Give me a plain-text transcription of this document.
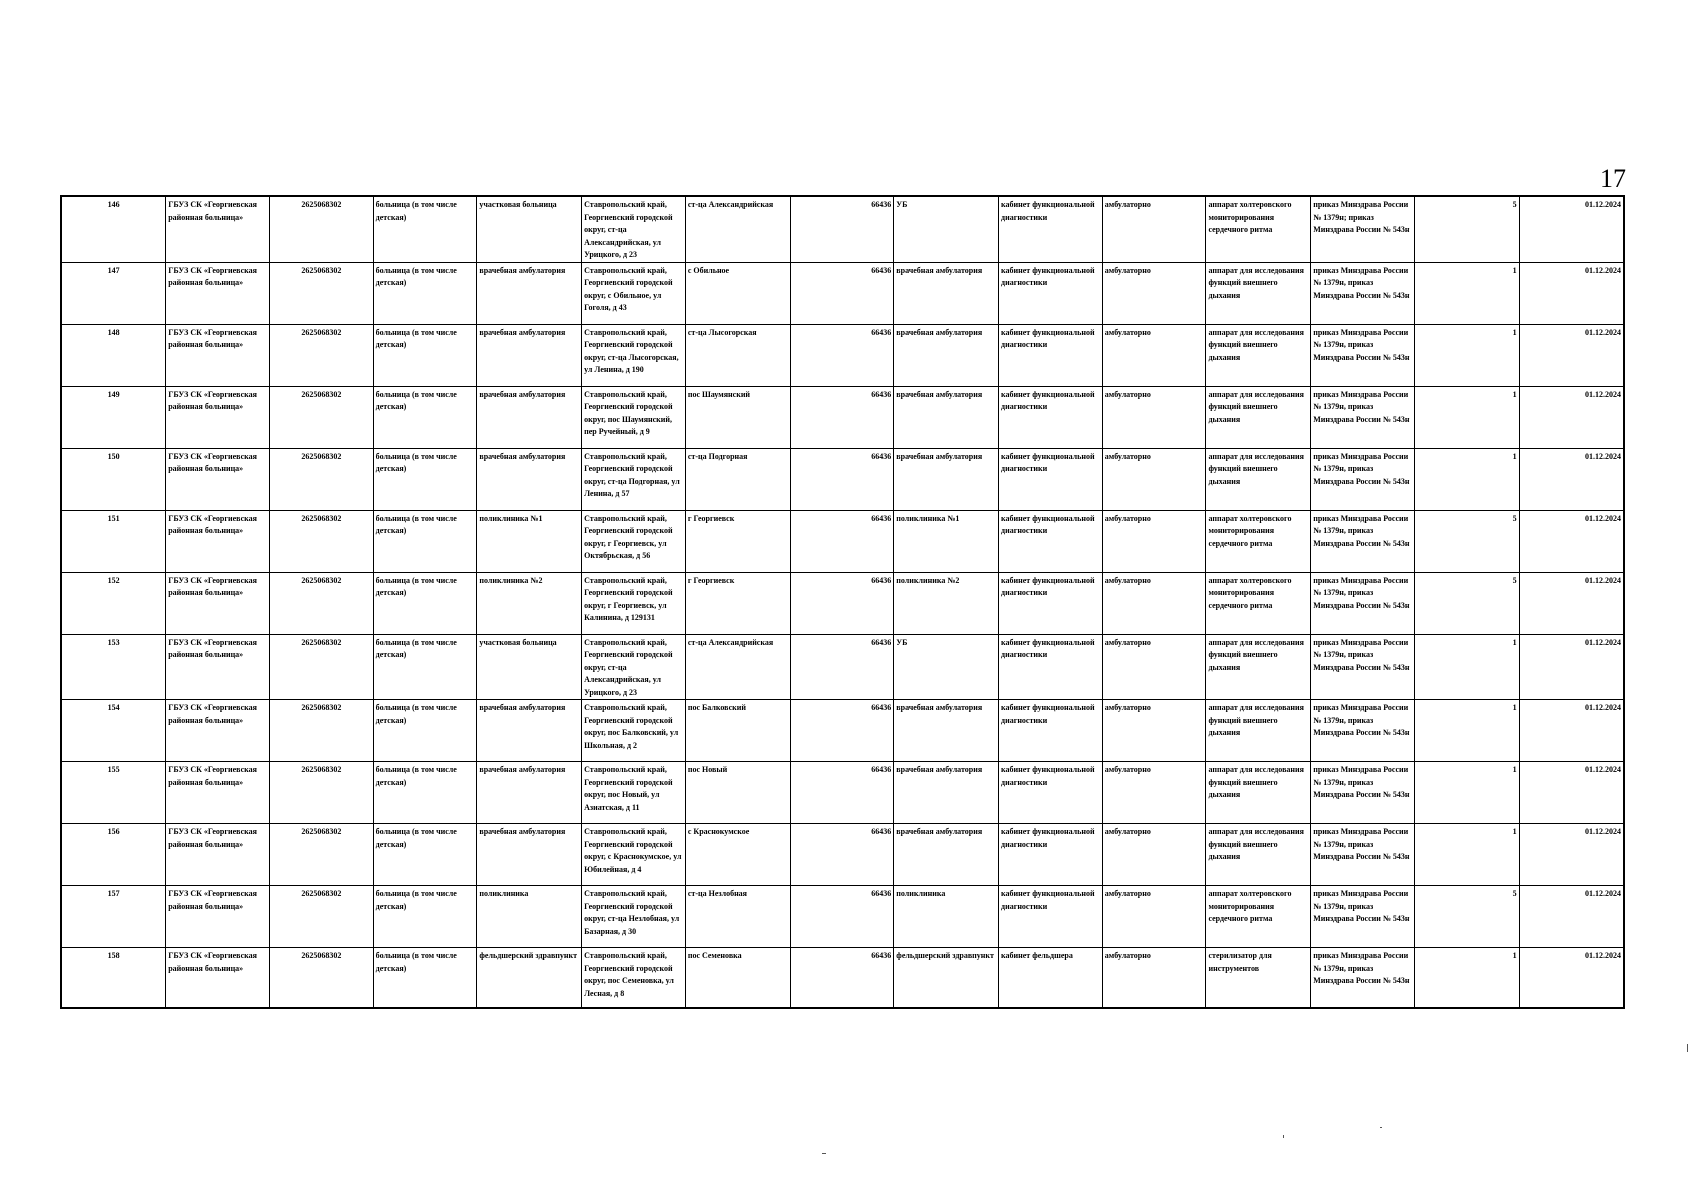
17
146	ГБУЗ СК «Георгиевская районная больница»	2625068302	больница (в том числе детская)	участковая больница	Ставропольский край, Георгиевский городской округ, ст-ца Александрийская, ул Урицкого, д 23	ст-ца Александрийская	66436	УБ	кабинет функциональной диагностики	амбулаторно	аппарат холтеровского мониторирования сердечного ритма	приказ Минздрава России № 1379н; приказ Минздрава России № 543н	5	01.12.2024
147	ГБУЗ СК «Георгиевская районная больница»	2625068302	больница (в том числе детская)	врачебная амбулатория	Ставропольский край, Георгиевский городской округ, с Обильное, ул Гоголя, д 43	с Обильное	66436	врачебная амбулатория	кабинет функциональной диагностики	амбулаторно	аппарат для исследования функций внешнего дыхания	приказ Минздрава России № 1379н, приказ Минздрава России № 543н	1	01.12.2024
148	ГБУЗ СК «Георгиевская районная больница»	2625068302	больница (в том числе детская)	врачебная амбулатория	Ставропольский край, Георгиевский городской округ, ст-ца Лысогорская, ул Ленина, д 190	ст-ца Лысогорская	66436	врачебная амбулатория	кабинет функциональной диагностики	амбулаторно	аппарат для исследования функций внешнего дыхания	приказ Минздрава России № 1379н, приказ Минздрава России № 543н	1	01.12.2024
149	ГБУЗ СК «Георгиевская районная больница»	2625068302	больница (в том числе детская)	врачебная амбулатория	Ставропольский край, Георгиевский городской округ, пос Шаумянский, пер Ручейный, д 9	пос Шаумянский	66436	врачебная амбулатория	кабинет функциональной диагностики	амбулаторно	аппарат для исследования функций внешнего дыхания	приказ Минздрава России № 1379н, приказ Минздрава России № 543н	1	01.12.2024
150	ГБУЗ СК «Георгиевская районная больница»	2625068302	больница (в том числе детская)	врачебная амбулатория	Ставропольский край, Георгиевский городской округ, ст-ца Подгорная, ул Ленина, д 57	ст-ца Подгорная	66436	врачебная амбулатория	кабинет функциональной диагностики	амбулаторно	аппарат для исследования функций внешнего дыхания	приказ Минздрава России № 1379н, приказ Минздрава России № 543н	1	01.12.2024
151	ГБУЗ СК «Георгиевская районная больница»	2625068302	больница (в том числе детская)	поликлиника №1	Ставропольский край, Георгиевский городской округ, г Георгиевск, ул Октябрьская, д 56	г Георгиевск	66436	поликлиника №1	кабинет функциональной диагностики	амбулаторно	аппарат холтеровского мониторирования сердечного ритма	приказ Минздрава России № 1379н, приказ Минздрава России № 543н	5	01.12.2024
152	ГБУЗ СК «Георгиевская районная больница»	2625068302	больница (в том числе детская)	поликлиника №2	Ставропольский край, Георгиевский городской округ, г Георгиевск, ул Калинина, д 129131	г Георгиевск	66436	поликлиника №2	кабинет функциональной диагностики	амбулаторно	аппарат холтеровского мониторирования сердечного ритма	приказ Минздрава России № 1379н, приказ Минздрава России № 543н	5	01.12.2024
153	ГБУЗ СК «Георгиевская районная больница»	2625068302	больница (в том числе детская)	участковая больница	Ставропольский край, Георгиевский городской округ, ст-ца Александрийская, ул Урицкого, д 23	ст-ца Александрийская	66436	УБ	кабинет функциональной диагностики	амбулаторно	аппарат для исследования функций внешнего дыхания	приказ Минздрава России № 1379н, приказ Минздрава России № 543н	1	01.12.2024
154	ГБУЗ СК «Георгиевская районная больница»	2625068302	больница (в том числе детская)	врачебная амбулатория	Ставропольский край, Георгиевский городской округ, пос Балковский, ул Школьная, д 2	пос Балковский	66436	врачебная амбулатория	кабинет функциональной диагностики	амбулаторно	аппарат для исследования функций внешнего дыхания	приказ Минздрава России № 1379н, приказ Минздрава России № 543н	1	01.12.2024
155	ГБУЗ СК «Георгиевская районная больница»	2625068302	больница (в том числе детская)	врачебная амбулатория	Ставропольский край, Георгиевский городской округ, пос Новый, ул Азиатская, д 11	пос Новый	66436	врачебная амбулатория	кабинет функциональной диагностики	амбулаторно	аппарат для исследования функций внешнего дыхания	приказ Минздрава России № 1379н, приказ Минздрава России № 543н	1	01.12.2024
156	ГБУЗ СК «Георгиевская районная больница»	2625068302	больница (в том числе детская)	врачебная амбулатория	Ставропольский край, Георгиевский городской округ, с Краснокумское, ул Юбилейная, д 4	с Краснокумское	66436	врачебная амбулатория	кабинет функциональной диагностики	амбулаторно	аппарат для исследования функций внешнего дыхания	приказ Минздрава России № 1379н, приказ Минздрава России № 543н	1	01.12.2024
157	ГБУЗ СК «Георгиевская районная больница»	2625068302	больница (в том числе детская)	поликлиника	Ставропольский край, Георгиевский городской округ, ст-ца Незлобная, ул Базарная, д 30	ст-ца Незлобная	66436	поликлиника	кабинет функциональной диагностики	амбулаторно	аппарат холтеровского мониторирования сердечного ритма	приказ Минздрава России № 1379н, приказ Минздрава России № 543н	5	01.12.2024
158	ГБУЗ СК «Георгиевская районная больница»	2625068302	больница (в том числе детская)	фельдшерский здравпункт	Ставропольский край, Георгиевский городской округ, пос Семеновка, ул Лесная, д 8	пос Семеновка	66436	фельдшерский здравпункт	кабинет фельдшера	амбулаторно	стерилизатор для инструментов	приказ Минздрава России № 1379н, приказ Минздрава России № 543н	1	01.12.2024
